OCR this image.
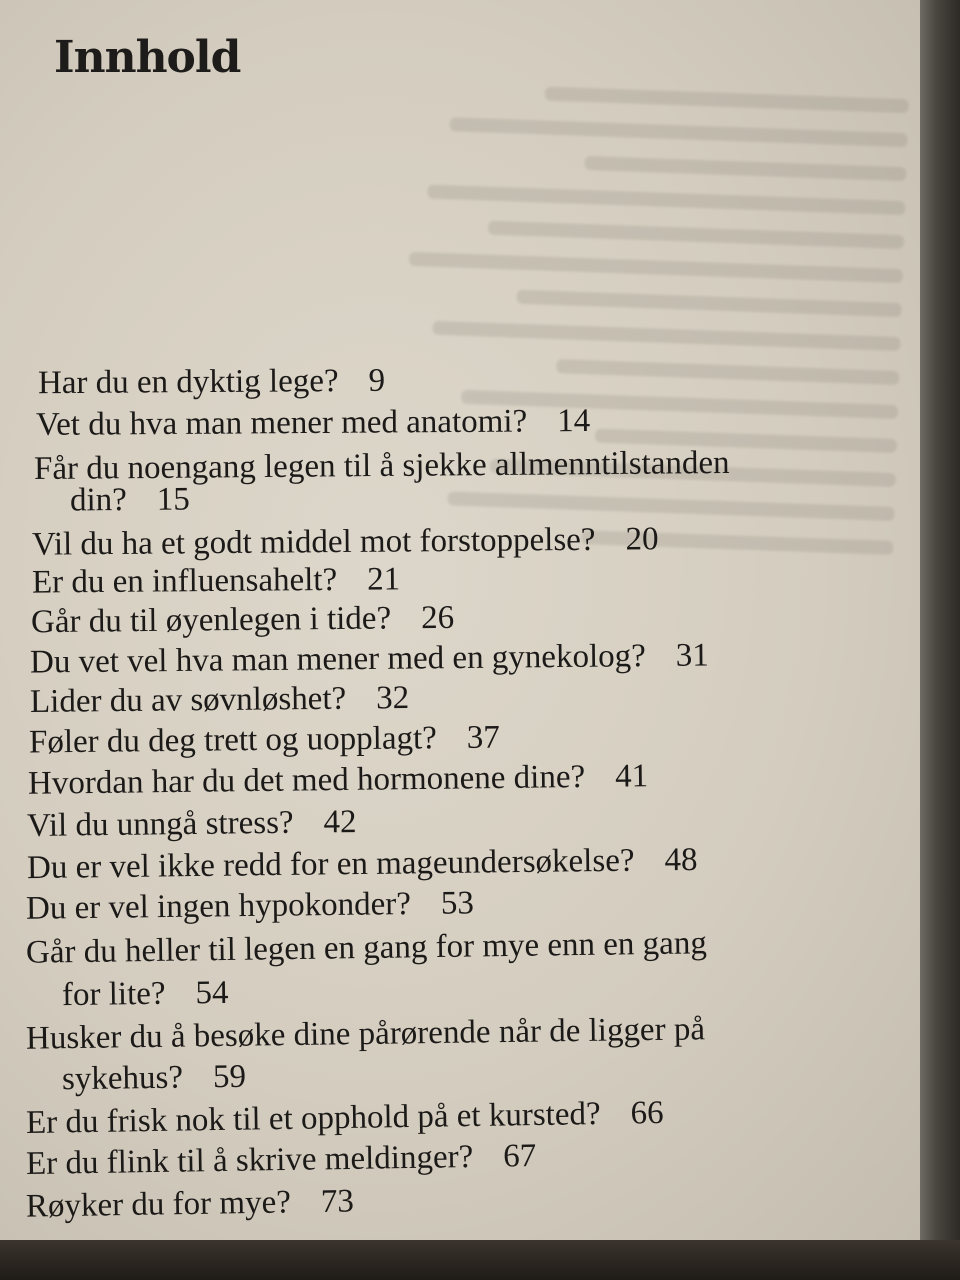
Innhold
Har du en dyktig lege? 9
Vet du hva man mener med anatomi? 14
Får du noengang legen til å sjekke allmenntilstanden
din? 15
Vil du ha et godt middel mot forstoppelse? 20
Er du en influensahelt? 21
Går du til øyenlegen i tide? 26
Du vet vel hva man mener med en gynekolog? 31
Lider du av søvnløshet? 32
Føler du deg trett og uopplagt? 37
Hvordan har du det med hormonene dine? 41
Vil du unngå stress? 42
Du er vel ikke redd for en mageundersøkelse? 48
Du er vel ingen hypokonder? 53
Går du heller til legen en gang for mye enn en gang
for lite? 54
Husker du å besøke dine pårørende når de ligger på
sykehus? 59
Er du frisk nok til et opphold på et kursted? 66
Er du flink til å skrive meldinger? 67
Røyker du for mye? 73
